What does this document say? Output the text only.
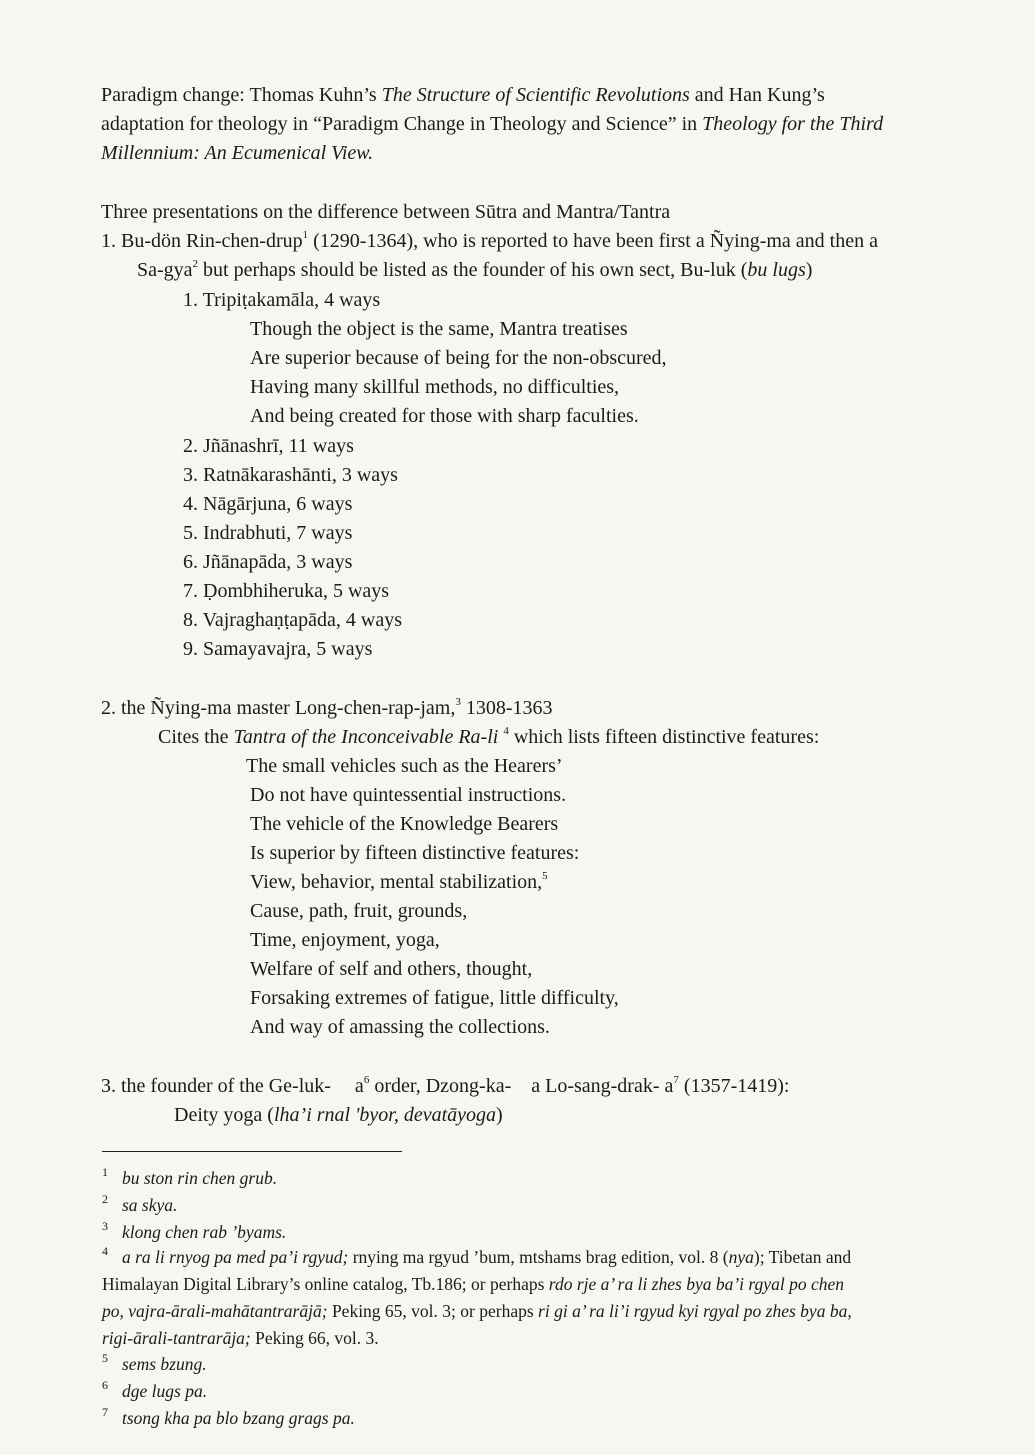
Paradigm change: Thomas Kuhn’s The Structure of Scientific Revolutions and Han Kung’s
adaptation for theology in “Paradigm Change in Theology and Science” in Theology for the Third
Millennium: An Ecumenical View.
Three presentations on the difference between Sūtra and Mantra/Tantra
1. Bu-dön Rin-chen-drup$^1$ (1290-1364), who is reported to have been first a Ñying-ma and then a
Sa-gya$^2$ but perhaps should be listed as the founder of his own sect, Bu-luk (bu lugs)
1. Tripiṭakamāla, 4 ways
Though the object is the same, Mantra treatises
Are superior because of being for the non-obscured,
Having many skillful methods, no difficulties,
And being created for those with sharp faculties.
2. Jñānashrī, 11 ways
3. Ratnākarashānti, 3 ways
4. Nāgārjuna, 6 ways
5. Indrabhuti, 7 ways
6. Jñānapāda, 3 ways
7. Ḍombhiheruka, 5 ways
8. Vajraghaṇṭapāda, 4 ways
9. Samayavajra, 5 ways
2. the Ñying-ma master Long-chen-rap-jam,$^3$ 1308-1363
Cites the Tantra of the Inconceivable Ra-li $^4$ which lists fifteen distinctive features:
The small vehicles such as the Hearers’
Do not have quintessential instructions.
The vehicle of the Knowledge Bearers
Is superior by fifteen distinctive features:
View, behavior, mental stabilization,$^5$
Cause, path, fruit, grounds,
Time, enjoyment, yoga,
Welfare of self and others, thought,
Forsaking extremes of fatigue, little difficulty,
And way of amassing the collections.
3. the founder of the Ge-luk- $a^6$ order, Dzong-ka- a Lo-sang-drak- $a^7$ (1357-1419):
Deity yoga (lha’i rnal 'byor, devatāyoga)
1 bu ston rin chen grub.
2 sa skya.
3 klong chen rab ’byams.
4 a ra li rnyog pa med pa’i rgyud; rnying ma rgyud ’bum, mtshams brag edition, vol. 8 (nya); Tibetan and
Himalayan Digital Library’s online catalog, Tb.186; or perhaps rdo rje a’ ra li zhes bya ba’i rgyal po chen
po, vajra-ārali-mahātantrarājā; Peking 65, vol. 3; or perhaps ri gi a’ ra li’i rgyud kyi rgyal po zhes bya ba,
rigi-ārali-tantrarāja; Peking 66, vol. 3.
5 sems bzung.
6 dge lugs pa.
7 tsong kha pa blo bzang grags pa.
